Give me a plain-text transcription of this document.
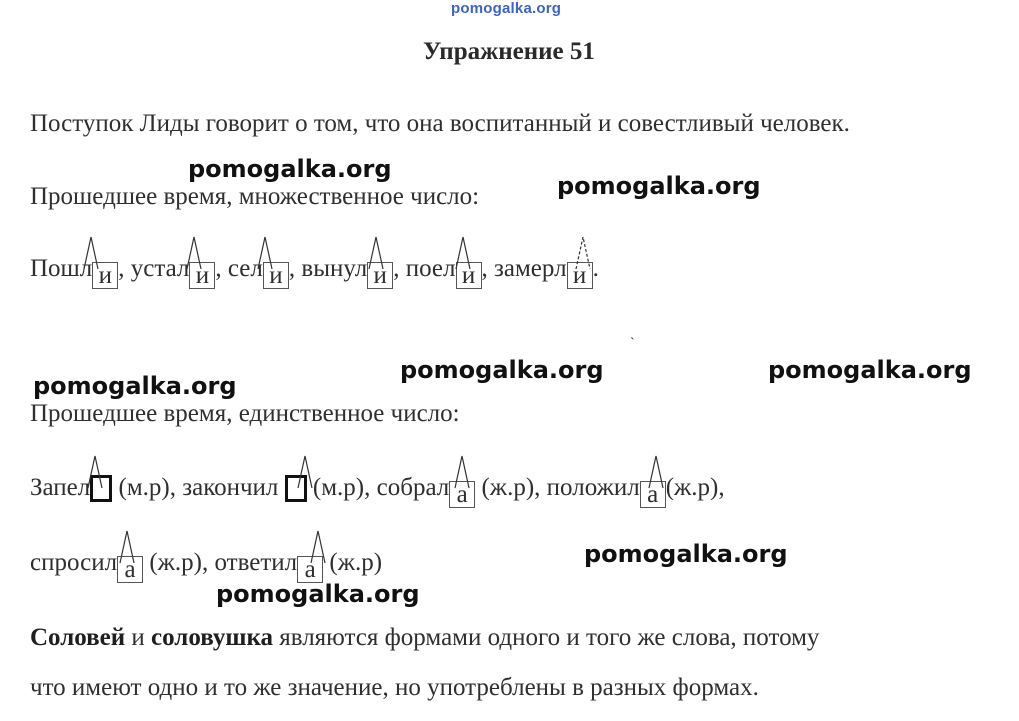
pomogalka.org
Упражнение 51
Поступок Лиды говорит о том, что она воспитанный и совестливый человек.
pomogalka.org
Прошедшее время, множественное число:	pomogalka.org
Пошл и , устал и , сел и , вынул и , поел и , замерл и .
`
pomogalka.org	pomogalka.org
pomogalka.org
Прошедшее время, единственное число:
Запел (м.р), закончил (м.р), собрал а (ж.р), положил а (ж.р),
спросил а (ж.р), ответил а (ж.р)	pomogalka.org
pomogalka.org
Соловей и соловушка являются формами одного и того же слова, потому
что имеют одно и то же значение, но употреблены в разных формах.
